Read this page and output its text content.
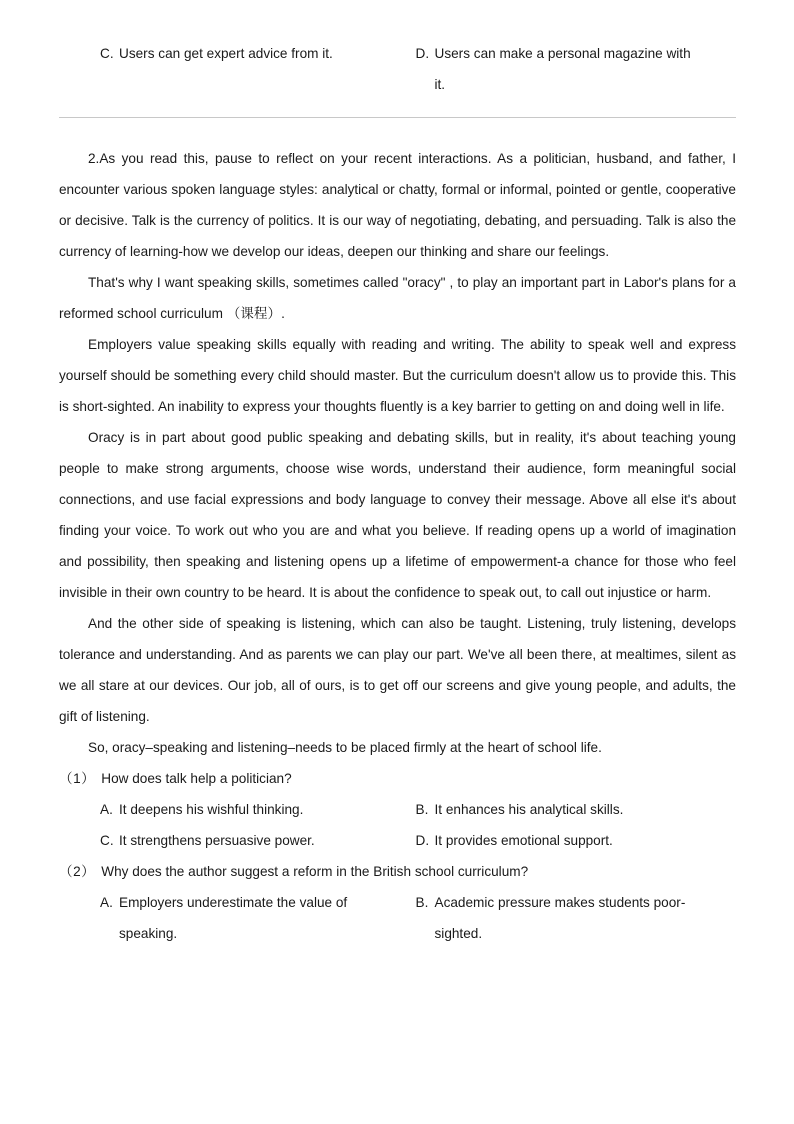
C. Users can get expert advice from it.	D. Users can make a personal magazine with
it.

2.As you read this, pause to reflect on your recent interactions. As a politician, husband, and father, I encounter various spoken language styles: analytical or chatty, formal or informal, pointed or gentle, cooperative or decisive. Talk is the currency of politics. It is our way of negotiating, debating, and persuading. Talk is also the currency of learning-how we develop our ideas, deepen our thinking and share our feelings.

That's why I want speaking skills, sometimes called "oracy" , to play an important part in Labor's plans for a reformed school curriculum （课程）.

Employers value speaking skills equally with reading and writing. The ability to speak well and express yourself should be something every child should master. But the curriculum doesn't allow us to provide this. This is short-sighted. An inability to express your thoughts fluently is a key barrier to getting on and doing well in life.

Oracy is in part about good public speaking and debating skills, but in reality, it's about teaching young people to make strong arguments, choose wise words, understand their audience, form meaningful social connections, and use facial expressions and body language to convey their message. Above all else it's about finding your voice. To work out who you are and what you believe. If reading opens up a world of imagination and possibility, then speaking and listening opens up a lifetime of empowerment-a chance for those who feel invisible in their own country to be heard. It is about the confidence to speak out, to call out injustice or harm.

And the other side of speaking is listening, which can also be taught. Listening, truly listening, develops tolerance and understanding. And as parents we can play our part. We've all been there, at mealtimes, silent as we all stare at our devices. Our job, all of ours, is to get off our screens and give young people, and adults, the gift of listening.

So, oracy–speaking and listening–needs to be placed firmly at the heart of school life.

（1） How does talk help a politician?
A. It deepens his wishful thinking.	B. It enhances his analytical skills.
C. It strengthens persuasive power.	D. It provides emotional support.
（2） Why does the author suggest a reform in the British school curriculum?
A. Employers underestimate the value of
speaking.
B. Academic pressure makes students poor-
sighted.
